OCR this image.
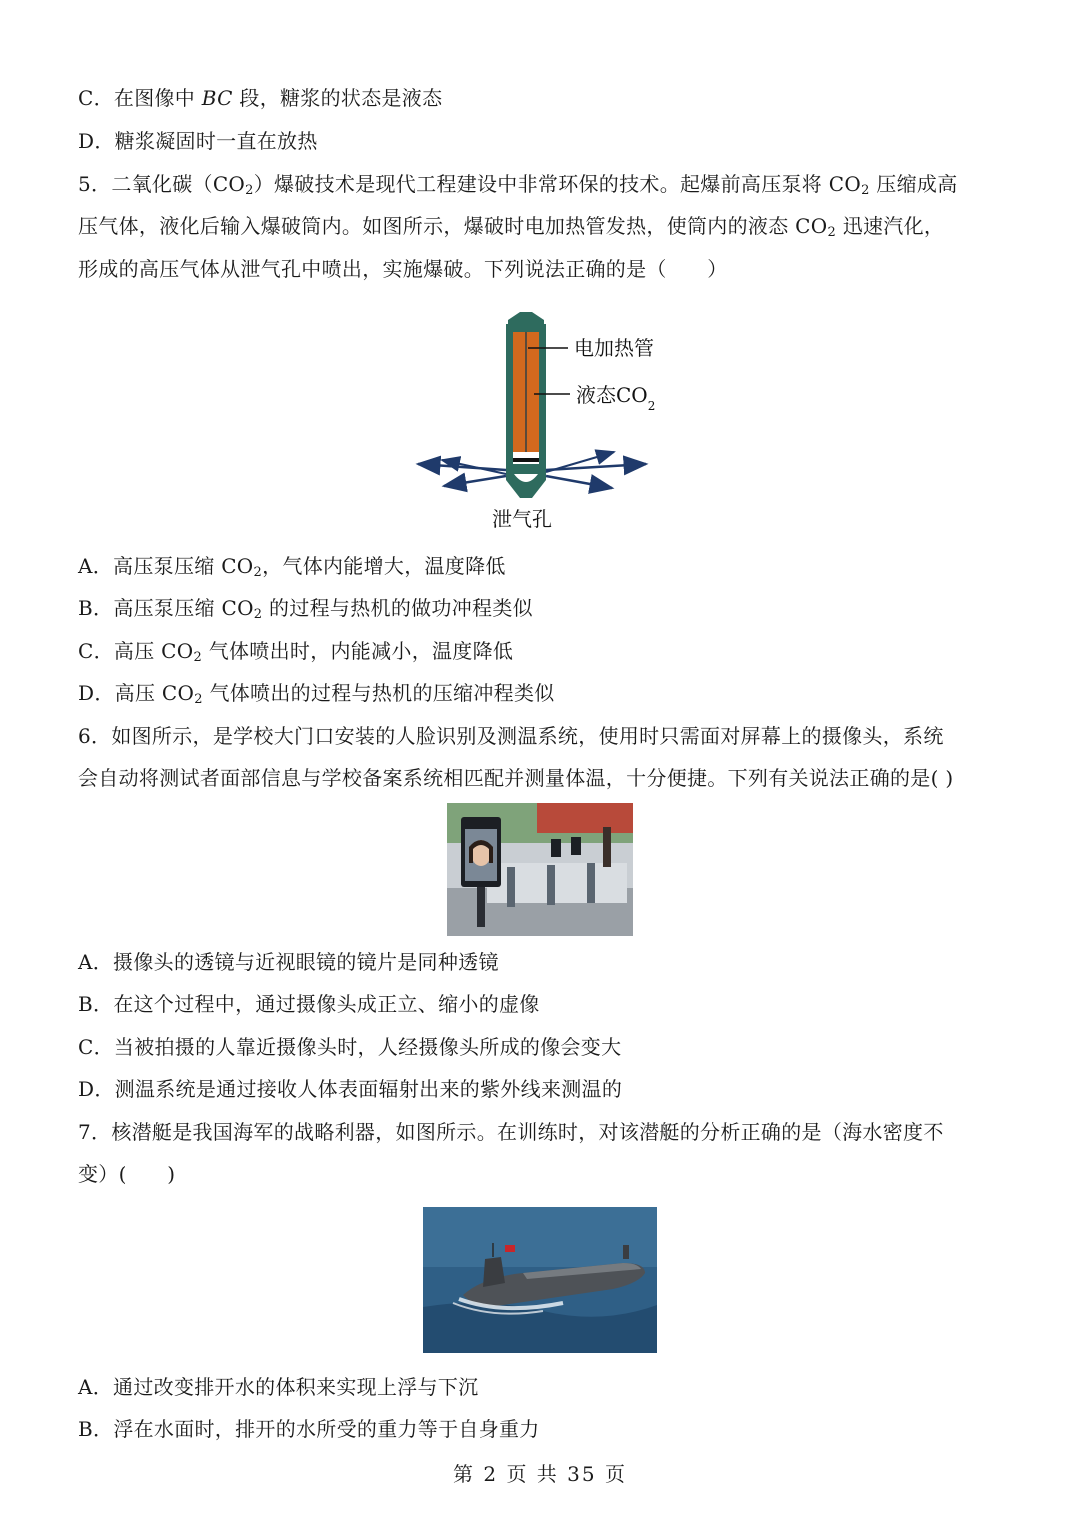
C．在图像中 BC 段，糖浆的状态是液态
D．糖浆凝固时一直在放热
5．二氧化碳$(CO_2)$爆破技术是现代工程建设中非常环保的技术。起爆前高压泵将 $CO_2$ 压缩成高
压气体，液化后输入爆破筒内。如图所示，爆破时电加热管发热，使筒内的液态 $CO_2$ 迅速汽化，
形成的高压气体从泄气孔中喷出，实施爆破。下列说法正确的是（　　）
电加热管
液态$CO_2$
泄气孔
A．高压泵压缩 $CO_2$，气体内能增大，温度降低
B．高压泵压缩 $CO_2$ 的过程与热机的做功冲程类似
C．高压 $CO_2$ 气体喷出时，内能减小，温度降低
D．高压 $CO_2$ 气体喷出的过程与热机的压缩冲程类似
6．如图所示，是学校大门口安装的人脸识别及测温系统，使用时只需面对屏幕上的摄像头，系统
会自动将测试者面部信息与学校备案系统相匹配并测量体温，十分便捷。下列有关说法正确的是( )
A．摄像头的透镜与近视眼镜的镜片是同种透镜
B．在这个过程中，通过摄像头成正立、缩小的虚像
C．当被拍摄的人靠近摄像头时，人经摄像头所成的像会变大
D．测温系统是通过接收人体表面辐射出来的紫外线来测温的
7．核潜艇是我国海军的战略利器，如图所示。在训练时，对该潜艇的分析正确的是（海水密度不
变）(　　)
A．通过改变排开水的体积来实现上浮与下沉
B．浮在水面时，排开的水所受的重力等于自身重力
第 2 页 共 35 页
